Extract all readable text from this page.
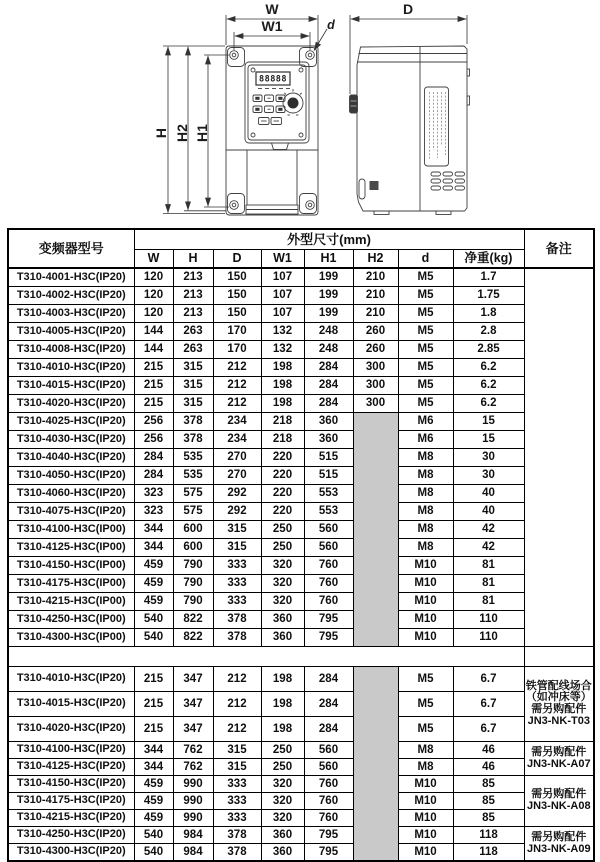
W
W1
D
d
H H2 H1
88888
变频器型号	外型尺寸(mm)								备注
	W	H	D	W1	H1	H2	d	净重(kg)	
T310-4001-H3C(IP20)	120	213	150	107	199	210	M5	1.7	
T310-4002-H3C(IP20)	120	213	150	107	199	210	M5	1.75	
T310-4003-H3C(IP20)	120	213	150	107	199	210	M5	1.8	
T310-4005-H3C(IP20)	144	263	170	132	248	260	M5	2.8	
T310-4008-H3C(IP20)	144	263	170	132	248	260	M5	2.85	
T310-4010-H3C(IP20)	215	315	212	198	284	300	M5	6.2	
T310-4015-H3C(IP20)	215	315	212	198	284	300	M5	6.2	
T310-4020-H3C(IP20)	215	315	212	198	284	300	M5	6.2	
T310-4025-H3C(IP20)	256	378	234	218	360		M6	15	
T310-4030-H3C(IP20)	256	378	234	218	360		M6	15	
T310-4040-H3C(IP20)	284	535	270	220	515		M8	30	
T310-4050-H3C(IP20)	284	535	270	220	515		M8	30	
T310-4060-H3C(IP20)	323	575	292	220	553		M8	40	
T310-4075-H3C(IP20)	323	575	292	220	553		M8	40	
T310-4100-H3C(IP00)	344	600	315	250	560		M8	42	
T310-4125-H3C(IP00)	344	600	315	250	560		M8	42	
T310-4150-H3C(IP00)	459	790	333	320	760		M10	81	
T310-4175-H3C(IP00)	459	790	333	320	760		M10	81	
T310-4215-H3C(IP00)	459	790	333	320	760		M10	81	
T310-4250-H3C(IP00)	540	822	378	360	795		M10	110	
T310-4300-H3C(IP00)	540	822	378	360	795		M10	110	

T310-4010-H3C(IP20)	215	347	212	198	284		M5	6.7	铁管配线场合
（如冲床等）
需另购配件
JN3-NK-T03

T310-4015-H3C(IP20)	215	347	212	198	284		M5	6.7	
T310-4020-H3C(IP20)	215	347	212	198	284		M5	6.7	
T310-4100-H3C(IP20)	344	762	315	250	560		M8	46	需另购配件
JN3-NK-A07

T310-4125-H3C(IP20)	344	762	315	250	560		M8	46	
T310-4150-H3C(IP20)	459	990	333	320	760		M10	85	需另购配件
JN3-NK-A08

T310-4175-H3C(IP20)	459	990	333	320	760		M10	85	
T310-4215-H3C(IP20)	459	990	333	320	760		M10	85	
T310-4250-H3C(IP20)	540	984	378	360	795		M10	118	需另购配件
JN3-NK-A09

T310-4300-H3C(IP20)	540	984	378	360	795		M10	118	
